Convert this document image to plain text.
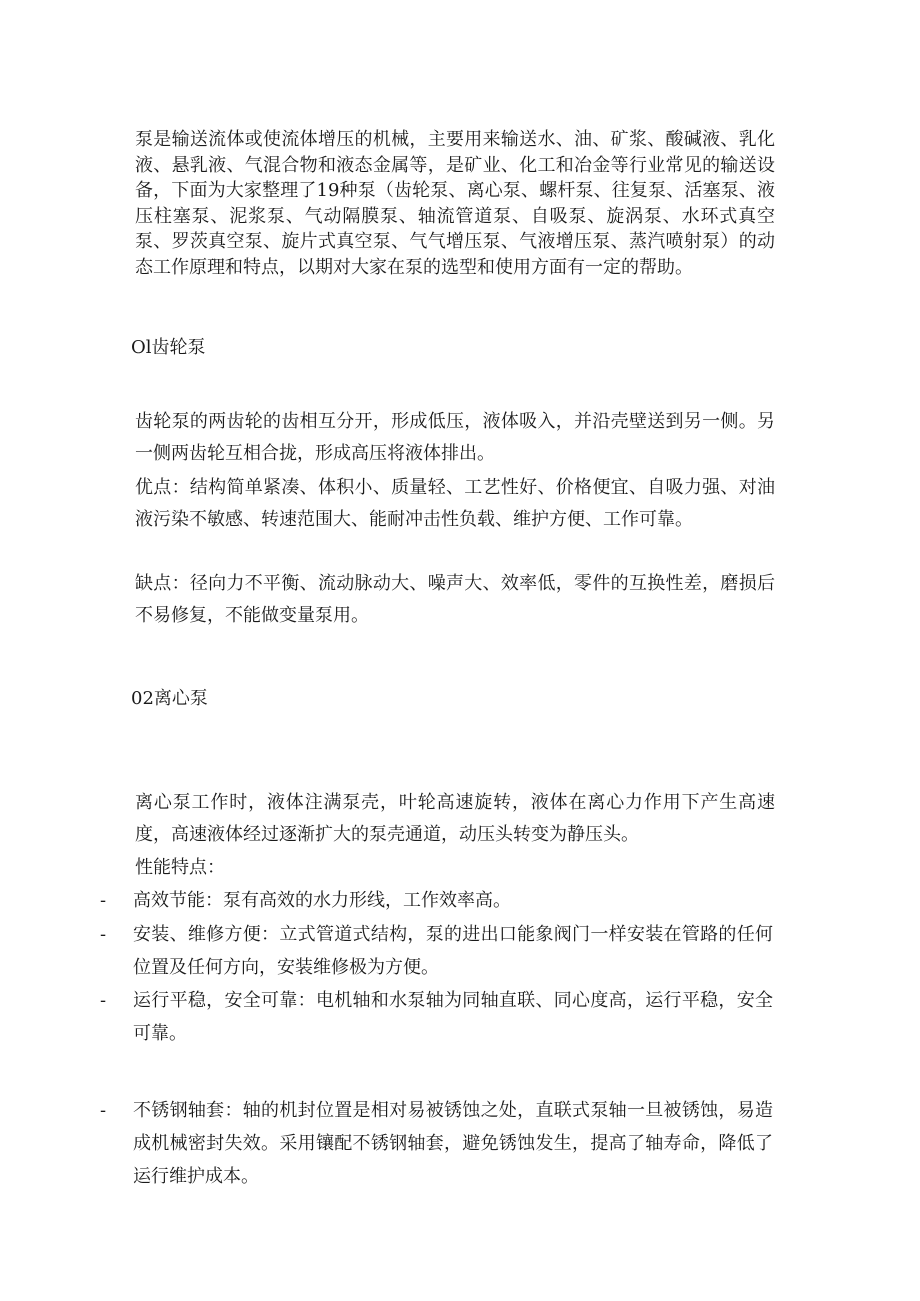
泵是输送流体或使流体增压的机械，主要用来输送水、油、矿浆、酸碱液、乳化液、悬乳液、气混合物和液态金属等，是矿业、化工和冶金等行业常见的输送设备，下面为大家整理了19种泵（齿轮泵、离心泵、螺杆泵、往复泵、活塞泵、液压柱塞泵、泥浆泵、气动隔膜泵、轴流管道泵、自吸泵、旋涡泵、水环式真空泵、罗茨真空泵、旋片式真空泵、气气增压泵、气液增压泵、蒸汽喷射泵）的动态工作原理和特点，以期对大家在泵的选型和使用方面有一定的帮助。

Ol齿轮泵

齿轮泵的两齿轮的齿相互分开，形成低压，液体吸入，并沿壳壁送到另一侧。另一侧两齿轮互相合拢，形成高压将液体排出。

优点：结构简单紧凑、体积小、质量轻、工艺性好、价格便宜、自吸力强、对油液污染不敏感、转速范围大、能耐冲击性负载、维护方便、工作可靠。

缺点：径向力不平衡、流动脉动大、噪声大、效率低，零件的互换性差，磨损后不易修复，不能做变量泵用。

02离心泵

离心泵工作时，液体注满泵壳，叶轮高速旋转，液体在离心力作用下产生高速度，高速液体经过逐渐扩大的泵壳通道，动压头转变为静压头。

性能特点：

-	高效节能：泵有高效的水力形线，工作效率高。
-	安装、维修方便：立式管道式结构，泵的进出口能象阀门一样安装在管路的任何位置及任何方向，安装维修极为方便。
-	运行平稳，安全可靠：电机轴和水泵轴为同轴直联、同心度高，运行平稳，安全可靠。
-	不锈钢轴套：轴的机封位置是相对易被锈蚀之处，直联式泵轴一旦被锈蚀，易造成机械密封失效。采用镶配不锈钢轴套，避免锈蚀发生，提高了轴寿命，降低了运行维护成本。
